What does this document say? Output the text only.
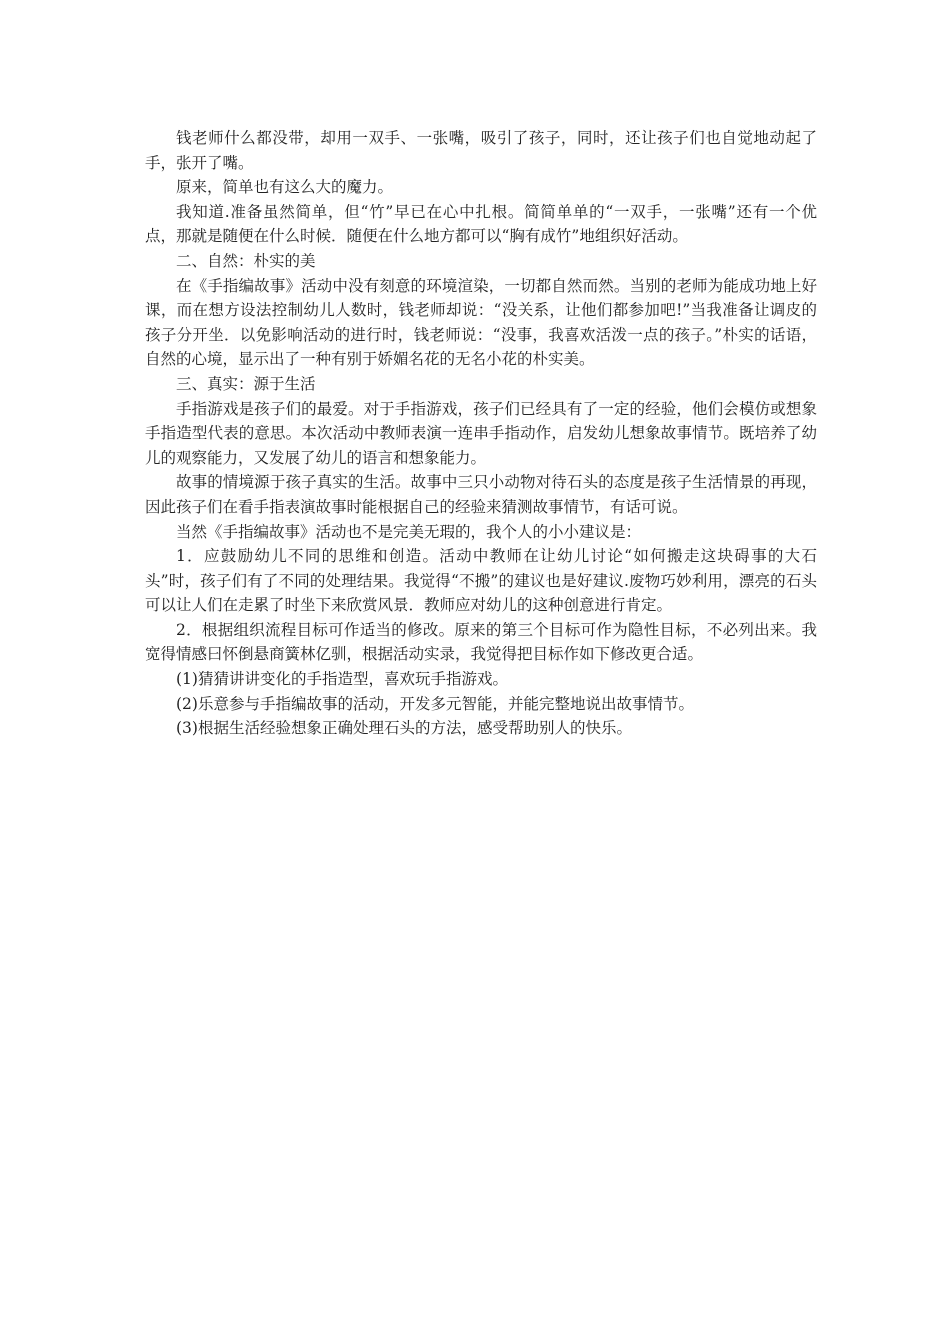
钱老师什么都没带，却用一双手、一张嘴，吸引了孩子，同时，还让孩子们也自觉地动起了手，张开了嘴。

原来，简单也有这么大的魔力。

我知道.准备虽然简单，但“竹”早已在心中扎根。简简单单的“一双手，一张嘴”还有一个优点，那就是随便在什么时候．随便在什么地方都可以“胸有成竹”地组织好活动。

二、自然：朴实的美

在《手指编故事》活动中没有刻意的环境渲染，一切都自然而然。当别的老师为能成功地上好课，而在想方设法控制幼儿人数时，钱老师却说：“没关系，让他们都参加吧!”当我准备让调皮的孩子分开坐．以免影响活动的进行时，钱老师说：“没事，我喜欢活泼一点的孩子。”朴实的话语，自然的心境，显示出了一种有别于娇媚名花的无名小花的朴实美。

三、真实：源于生活

手指游戏是孩子们的最爱。对于手指游戏，孩子们已经具有了一定的经验，他们会模仿或想象手指造型代表的意思。本次活动中教师表演一连串手指动作，启发幼儿想象故事情节。既培养了幼儿的观察能力，又发展了幼儿的语言和想象能力。

故事的情境源于孩子真实的生活。故事中三只小动物对待石头的态度是孩子生活情景的再现，因此孩子们在看手指表演故事时能根据自己的经验来猜测故事情节，有话可说。

当然《手指编故事》活动也不是完美无瑕的，我个人的小小建议是：

1．应鼓励幼儿不同的思维和创造。活动中教师在让幼儿讨论“如何搬走这块碍事的大石头”时，孩子们有了不同的处理结果。我觉得“不搬”的建议也是好建议.废物巧妙利用，漂亮的石头可以让人们在走累了时坐下来欣赏风景．教师应对幼儿的这种创意进行肯定。

2．根据组织流程目标可作适当的修改。原来的第三个目标可作为隐性目标，不必列出来。我宽得情感曰怀倒悬商簧林亿驯，根据活动实录，我觉得把目标作如下修改更合适。

(1)猜猜讲讲变化的手指造型，喜欢玩手指游戏。

(2)乐意参与手指编故事的活动，开发多元智能，并能完整地说出故事情节。

(3)根据生活经验想象正确处理石头的方法，感受帮助别人的快乐。
